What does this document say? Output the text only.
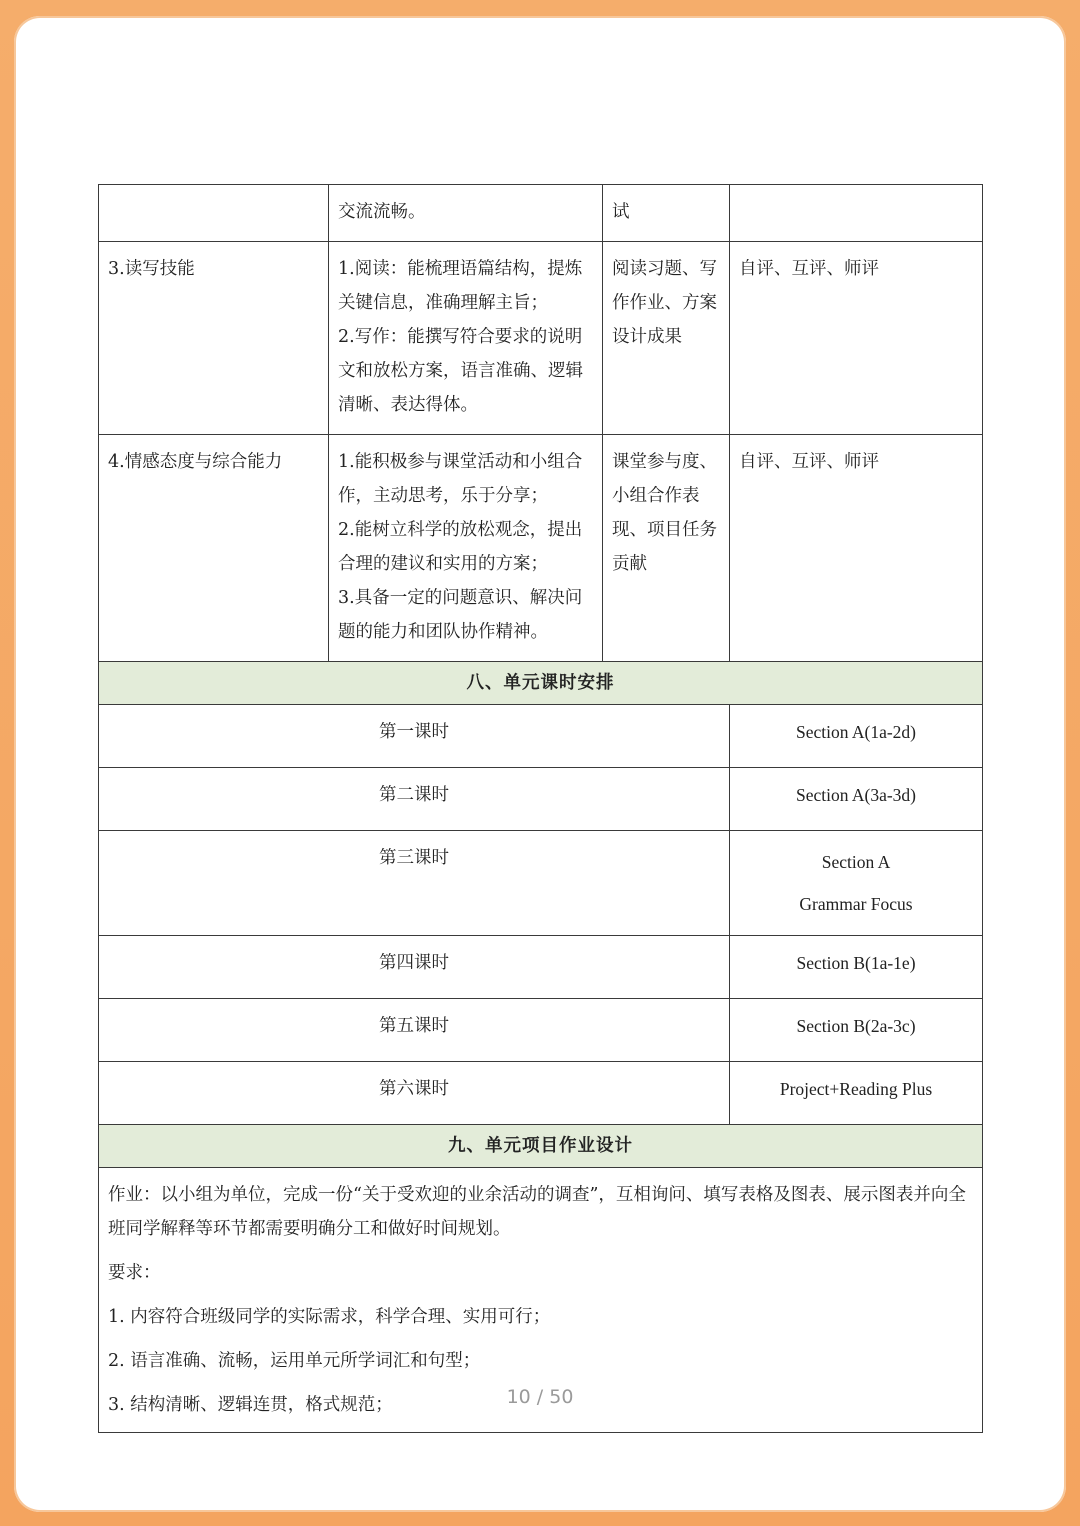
	交流流畅。	试	
3.读写技能	1.阅读：能梳理语篇结构，提炼关键信息，准确理解主旨；
2.写作：能撰写符合要求的说明文和放松方案，语言准确、逻辑清晰、表达得体。	阅读习题、写作作业、方案设计成果	自评、互评、师评
4.情感态度与综合能力	1.能积极参与课堂活动和小组合作，主动思考，乐于分享；
2.能树立科学的放松观念，提出合理的建议和实用的方案；
3.具备一定的问题意识、解决问题的能力和团队协作精神。	课堂参与度、小组合作表现、项目任务贡献	自评、互评、师评
八、单元课时安排			
第一课时			Section A(1a-2d)

第二课时			Section A(3a-3d)

第三课时			Section A
Grammar Focus

第四课时			Section B(1a-1e)

第五课时			Section B(2a-3c)

第六课时			Project+Reading Plus

九、单元项目作业设计			

作业：以小组为单位，完成一份“关于受欢迎的业余活动的调查”，互相询问、填写表格及图表、展示图表并向全班同学解释等环节都需要明确分工和做好时间规划。
要求：
1. 内容符合班级同学的实际需求，科学合理、实用可行；
2. 语言准确、流畅，运用单元所学词汇和句型；
3. 结构清晰、逻辑连贯，格式规范；				10 / 50
